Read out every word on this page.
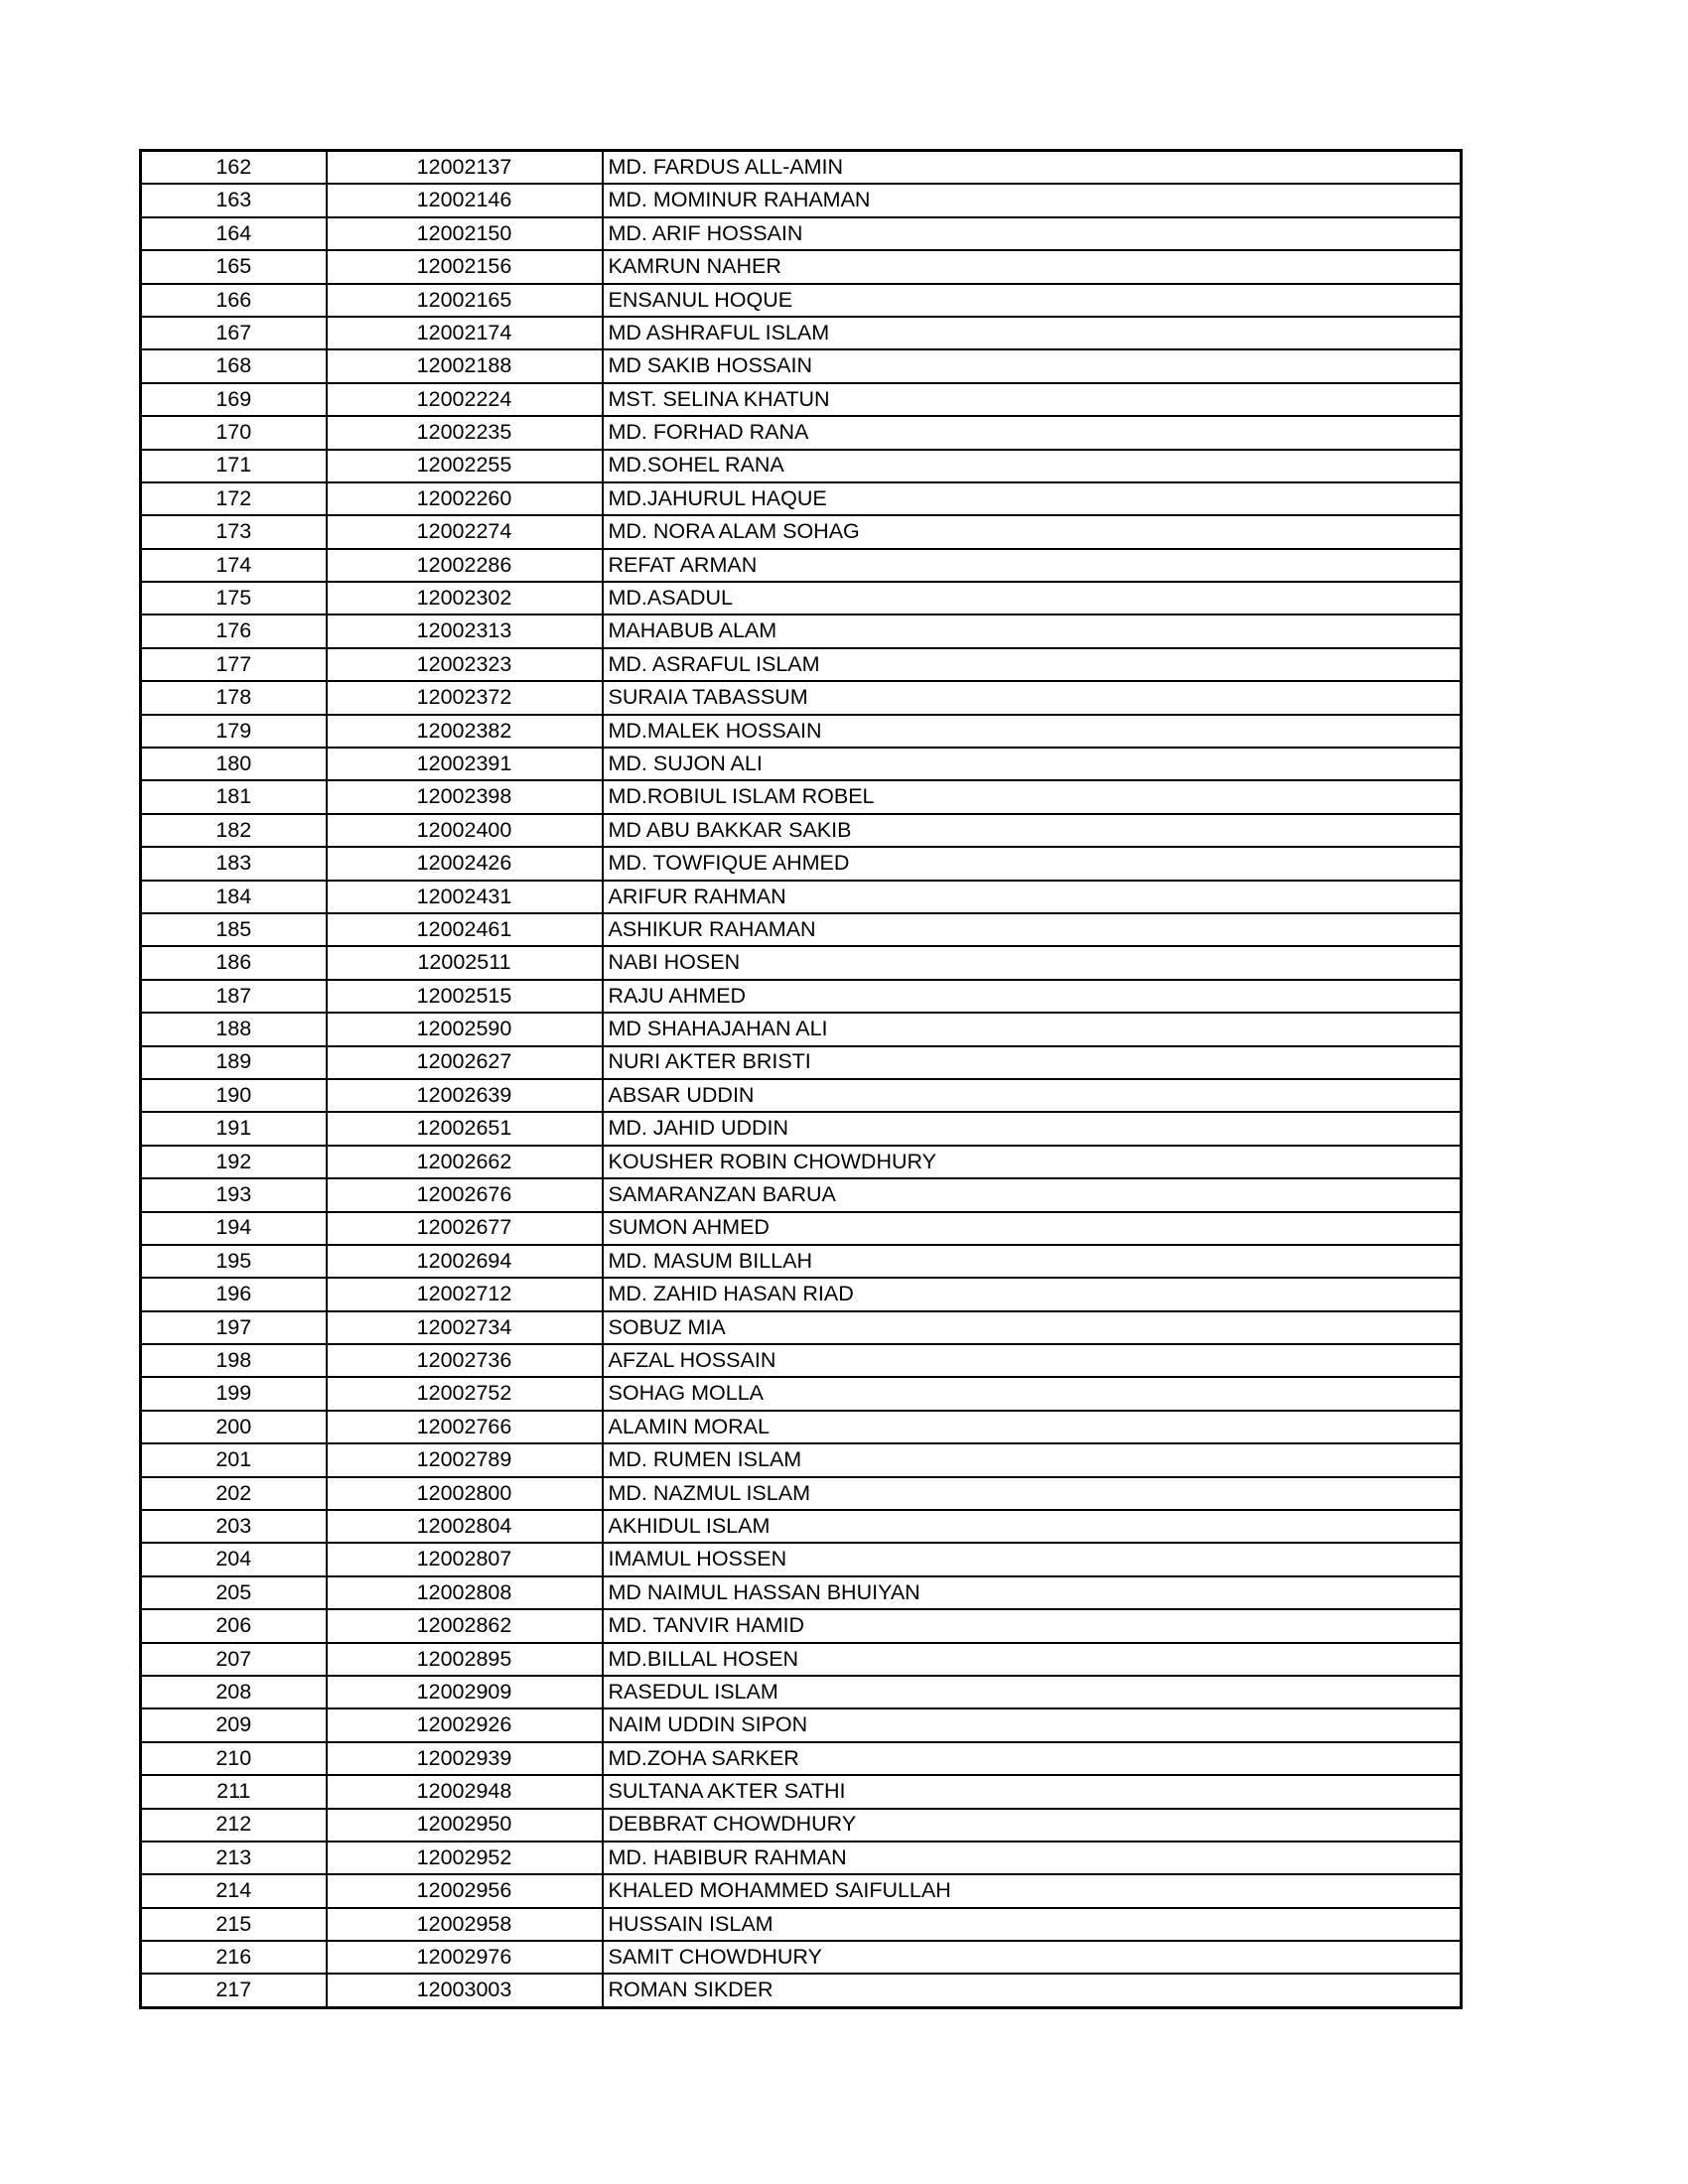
162	12002137	MD. FARDUS ALL-AMIN
163	12002146	MD. MOMINUR RAHAMAN
164	12002150	MD. ARIF HOSSAIN
165	12002156	KAMRUN NAHER
166	12002165	ENSANUL HOQUE
167	12002174	MD ASHRAFUL ISLAM
168	12002188	MD SAKIB HOSSAIN
169	12002224	MST. SELINA KHATUN
170	12002235	MD. FORHAD RANA
171	12002255	MD.SOHEL RANA
172	12002260	MD.JAHURUL HAQUE
173	12002274	MD. NORA ALAM SOHAG
174	12002286	REFAT ARMAN
175	12002302	MD.ASADUL
176	12002313	MAHABUB ALAM
177	12002323	MD. ASRAFUL ISLAM
178	12002372	SURAIA TABASSUM
179	12002382	MD.MALEK HOSSAIN
180	12002391	MD. SUJON ALI
181	12002398	MD.ROBIUL ISLAM ROBEL
182	12002400	MD ABU BAKKAR SAKIB
183	12002426	MD. TOWFIQUE AHMED
184	12002431	ARIFUR RAHMAN
185	12002461	ASHIKUR RAHAMAN
186	12002511	NABI HOSEN
187	12002515	RAJU AHMED
188	12002590	MD SHAHAJAHAN ALI
189	12002627	NURI AKTER BRISTI
190	12002639	ABSAR UDDIN
191	12002651	MD. JAHID UDDIN
192	12002662	KOUSHER ROBIN CHOWDHURY
193	12002676	SAMARANZAN BARUA
194	12002677	SUMON AHMED
195	12002694	MD. MASUM BILLAH
196	12002712	MD. ZAHID HASAN RIAD
197	12002734	SOBUZ MIA
198	12002736	AFZAL HOSSAIN
199	12002752	SOHAG MOLLA
200	12002766	ALAMIN MORAL
201	12002789	MD. RUMEN ISLAM
202	12002800	MD. NAZMUL ISLAM
203	12002804	AKHIDUL ISLAM
204	12002807	IMAMUL HOSSEN
205	12002808	MD NAIMUL HASSAN BHUIYAN
206	12002862	MD. TANVIR HAMID
207	12002895	MD.BILLAL HOSEN
208	12002909	RASEDUL ISLAM
209	12002926	NAIM UDDIN SIPON
210	12002939	MD.ZOHA SARKER
211	12002948	SULTANA AKTER SATHI
212	12002950	DEBBRAT CHOWDHURY
213	12002952	MD. HABIBUR RAHMAN
214	12002956	KHALED MOHAMMED SAIFULLAH
215	12002958	HUSSAIN ISLAM
216	12002976	SAMIT CHOWDHURY
217	12003003	ROMAN SIKDER
